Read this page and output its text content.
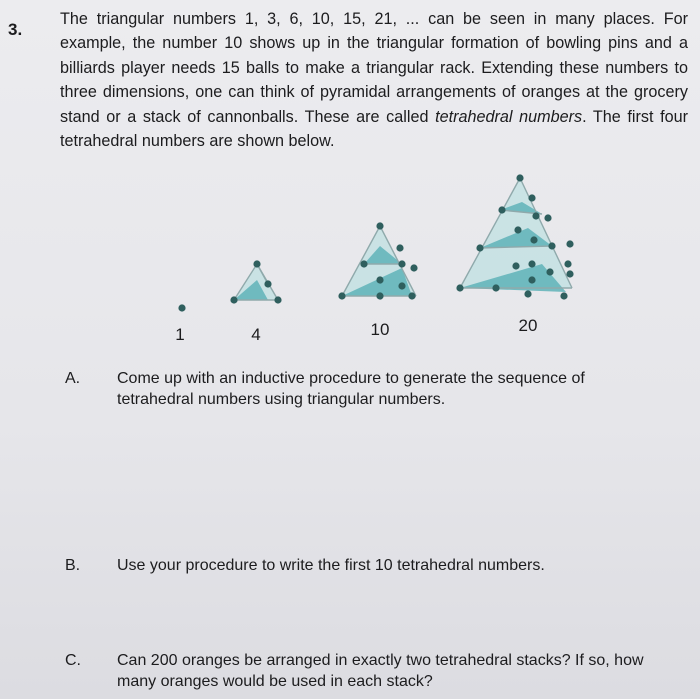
3.
The triangular numbers 1, 3, 6, 10, 15, 21, ... can be seen in many places. For example, the number 10 shows up in the triangular formation of bowling pins and a billiards player needs 15 balls to make a triangular rack. Extending these numbers to three dimensions, one can think of pyramidal arrangements of oranges at the grocery stand or a stack of cannonballs. These are called tetrahedral numbers. The first four tetrahedral numbers are shown below.
1	4	10	20
A. Come up with an inductive procedure to generate the sequence of tetrahedral numbers using triangular numbers.
B. Use your procedure to write the first 10 tetrahedral numbers.
C. Can 200 oranges be arranged in exactly two tetrahedral stacks? If so, how many oranges would be used in each stack?
